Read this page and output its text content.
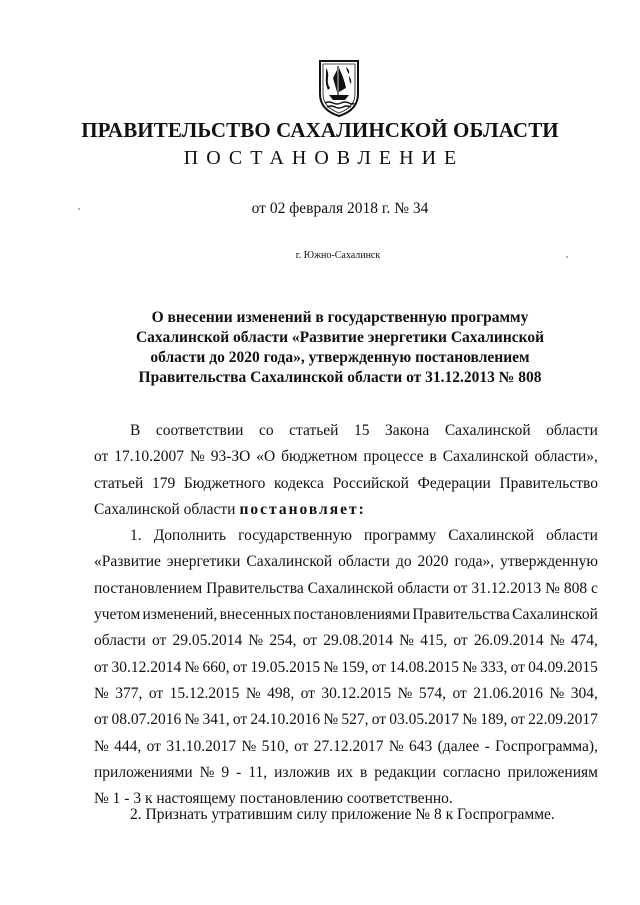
ПРАВИТЕЛЬСТВО САХАЛИНСКОЙ ОБЛАСТИ
ПОСТАНОВЛЕНИЕ
от 02 февраля 2018 г. № 34
г. Южно-Сахалинск
О внесении изменений в государственную программу
Сахалинской области «Развитие энергетики Сахалинской
области до 2020 года», утвержденную постановлением
Правительства Сахалинской области от 31.12.2013 № 808
В соответствии со статьей 15 Закона Сахалинской области
от 17.10.2007 № 93-ЗО «О бюджетном процессе в Сахалинской области»,
статьей 179 Бюджетного кодекса Российской Федерации Правительство
Сахалинской области постановляет:
1. Дополнить государственную программу Сахалинской области
«Развитие энергетики Сахалинской области до 2020 года», утвержденную
постановлением Правительства Сахалинской области от 31.12.2013 № 808 с
учетом изменений, внесенных постановлениями Правительства Сахалинской
области от 29.05.2014 № 254, от 29.08.2014 № 415, от 26.09.2014 № 474,
от 30.12.2014 № 660, от 19.05.2015 № 159, от 14.08.2015 № 333, от 04.09.2015
№ 377, от 15.12.2015 № 498, от 30.12.2015 № 574, от 21.06.2016 № 304,
от 08.07.2016 № 341, от 24.10.2016 № 527, от 03.05.2017 № 189, от 22.09.2017
№ 444, от 31.10.2017 № 510, от 27.12.2017 № 643 (далее - Госпрограмма),
приложениями № 9 - 11, изложив их в редакции согласно приложениям
№ 1 - 3 к настоящему постановлению соответственно.
2. Признать утратившим силу приложение № 8 к Госпрограмме.
